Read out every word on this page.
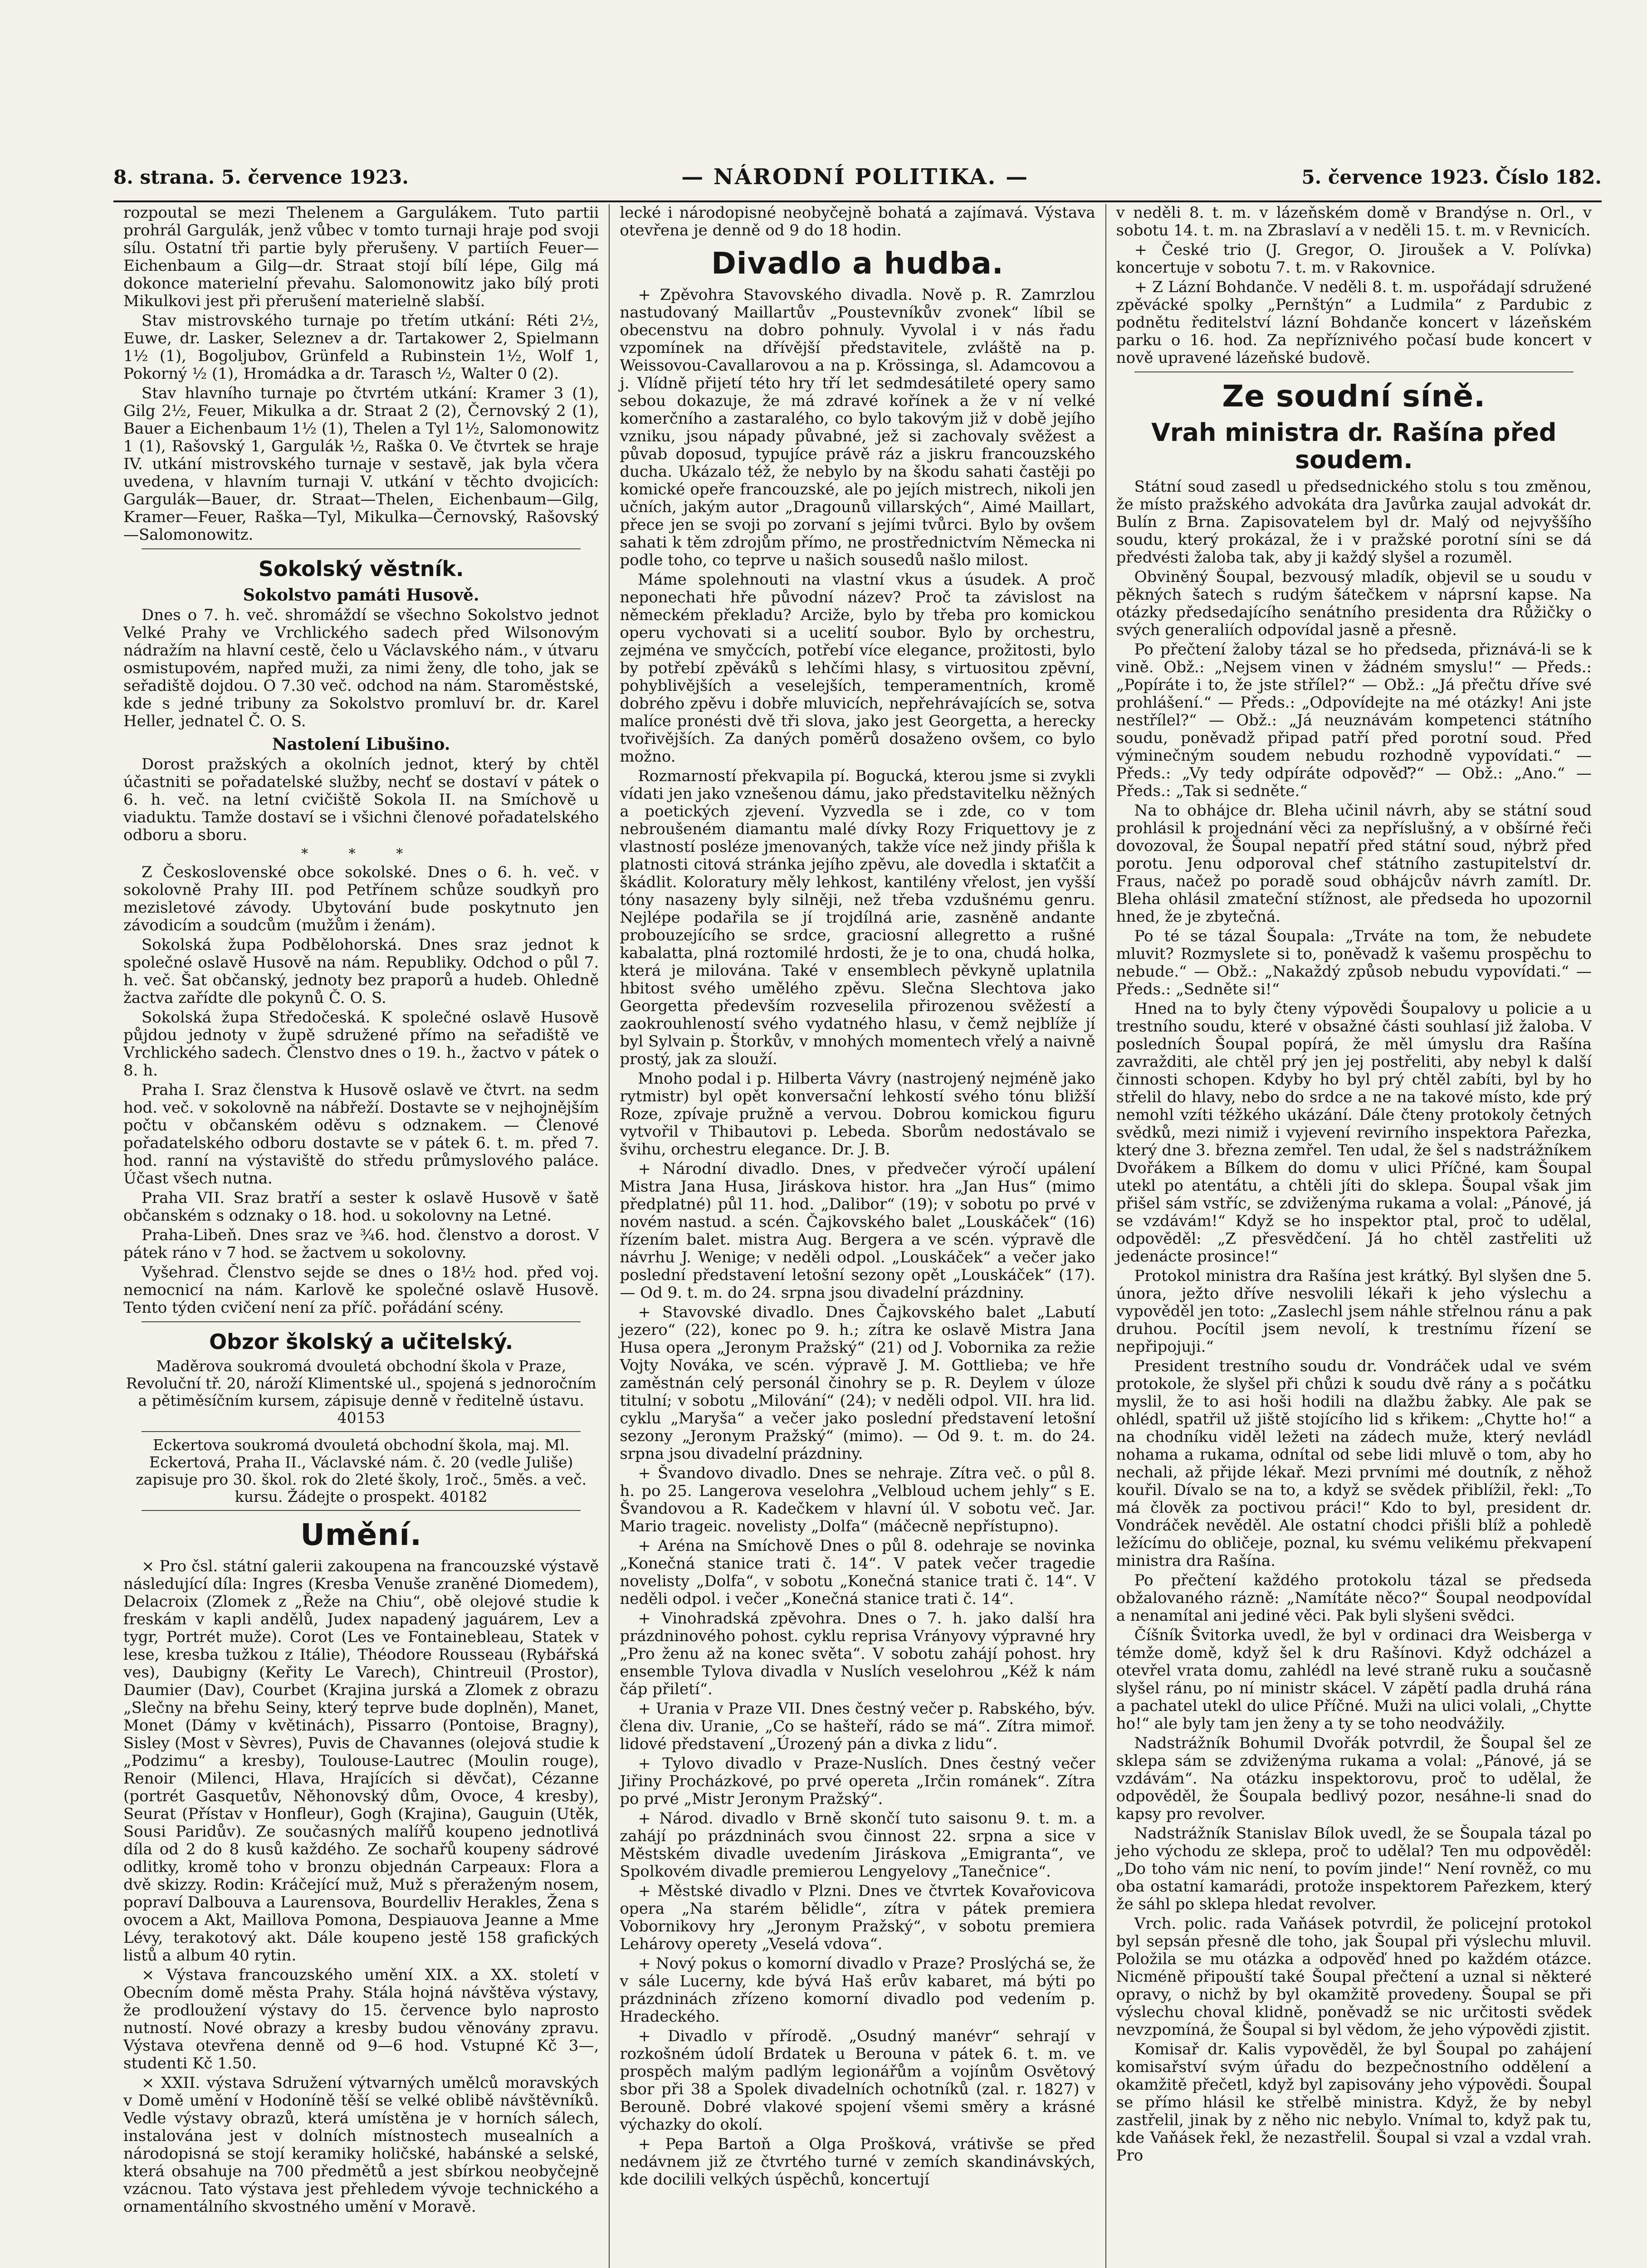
8. strana. 5. července 1923.	— NÁRODNÍ POLITIKA. —	5. července 1923. Číslo 182.

rozpoutal se mezi Thelenem a Gargulákem. Tuto partii prohrál Gargulák, jenž vůbec v tomto turnaji hraje pod svoji sílu. Ostatní tři partie byly přerušeny. V partiích Feuer—Eichenbaum a Gilg—dr. Straat stojí bílí lépe, Gilg má dokonce materielní převahu. Salomonowitz jako bílý proti Mikulkovi jest při přerušení materielně slabší.

Stav mistrovského turnaje po třetím utkání: Réti 2½, Euwe, dr. Lasker, Seleznev a dr. Tartakower 2, Spielmann 1½ (1), Bogoljubov, Grünfeld a Rubinstein 1½, Wolf 1, Pokorný ½ (1), Hromádka a dr. Tarasch ½, Walter 0 (2).

Stav hlavního turnaje po čtvrtém utkání: Kramer 3 (1), Gilg 2½, Feuer, Mikulka a dr. Straat 2 (2), Černovský 2 (1), Bauer a Eichenbaum 1½ (1), Thelen a Tyl 1½, Salomonowitz 1 (1), Rašovský 1, Gargulák ½, Raška 0. Ve čtvrtek se hraje IV. utkání mistrovského turnaje v sestavě, jak byla včera uvedena, v hlavním turnaji V. utkání v těchto dvojicích: Gargulák—Bauer, dr. Straat—Thelen, Eichenbaum—Gilg, Kramer—Feuer, Raška—Tyl, Mikulka—Černovský, Rašovský—Salomonowitz.

Sokolský věstník.
Sokolstvo památi Husově.

Dnes o 7. h. več. shromáždí se všechno Sokolstvo jednot Velké Prahy ve Vrchlického sadech před Wilsonovým nádražím na hlavní cestě, čelo u Václavského nám., v útvaru osmistupovém, napřed muži, za nimi ženy, dle toho, jak se seřadiště dojdou. O 7.30 več. odchod na nám. Staroměstské, kde s jedné tribuny za Sokolstvo promluví br. dr. Karel Heller, jednatel Č. O. S.

Nastolení Libušino.

Dorost pražských a okolních jednot, který by chtěl účastniti se pořadatelské služby, nechť se dostaví v pátek o 6. h. več. na letní cvičiště Sokola II. na Smíchově u viaduktu. Tamže dostaví se i všichni členové pořadatelského odboru a sboru.

* * *

Z Československé obce sokolské. Dnes o 6. h. več. v sokolovně Prahy III. pod Petřínem schůze soudkyň pro mezisletové závody. Ubytování bude poskytnuto jen závodicím a soudcům (mužům i ženám).

Sokolská župa Podbělohorská. Dnes sraz jednot k společné oslavě Husově na nám. Republiky. Odchod o půl 7. h. več. Šat občanský, jednoty bez praporů a hudeb. Ohledně žactva zařídte dle pokynů Č. O. S.

Sokolská župa Středočeská. K společné oslavě Husově půjdou jednoty v župě sdružené přímo na seřadiště ve Vrchlického sadech. Členstvo dnes o 19. h., žactvo v pátek o 8. h.

Praha I. Sraz členstva k Husově oslavě ve čtvrt. na sedm hod. več. v sokolovně na nábřeží. Dostavte se v nejhojnějším počtu v občanském oděvu s odznakem. — Členové pořadatelského odboru dostavte se v pátek 6. t. m. před 7. hod. ranní na výstaviště do středu průmyslového paláce. Účast všech nutna.

Praha VII. Sraz bratří a sester k oslavě Husově v šatě občanském s odznaky o 18. hod. u sokolovny na Letné.

Praha-Libeň. Dnes sraz ve ¾6. hod. členstvo a dorost. V pátek ráno v 7 hod. se žactvem u sokolovny.

Vyšehrad. Členstvo sejde se dnes o 18½ hod. před voj. nemocnicí na nám. Karlově ke společné oslavě Husově. Tento týden cvičení není za příč. pořádání scény.

Obzor školský a učitelský.
Maděrova soukromá dvouletá obchodní škola v Praze, Revoluční tř. 20, nároží Klimentské ul., spojená s jednoročním a pětiměsíčním kursem, zápisuje denně v ředitelně ústavu. 40153
Eckertova soukromá dvouletá obchodní škola, maj. Ml. Eckertová, Praha II., Václavské nám. č. 20 (vedle Juliše) zapisuje pro 30. škol. rok do 2leté školy, 1roč., 5měs. a več. kursu. Žádejte o prospekt. 40182
Umění.

× Pro čsl. státní galerii zakoupena na francouzské výstavě následující díla: Ingres (Kresba Venuše zraněné Diomedem), Delacroix (Zlomek z „Řeže na Chiu“, obě olejové studie k freskám v kapli andělů, Judex napadený jaguárem, Lev a tygr, Portrét muže). Corot (Les ve Fontainebleau, Statek v lese, kresba tužkou z Itálie), Théodore Rousseau (Rybářská ves), Daubigny (Keřity Le Varech), Chintreuil (Prostor), Daumier (Dav), Courbet (Krajina jurská a Zlomek z obrazu „Slečny na břehu Seiny, který teprve bude doplněn), Manet, Monet (Dámy v květinách), Pissarro (Pontoise, Bragny), Sisley (Most v Sèvres), Puvis de Chavannes (olejová studie k „Podzimu“ a kresby), Toulouse-Lautrec (Moulin rouge), Renoir (Milenci, Hlava, Hrajících si děvčat), Cézanne (portrét Gasquetův, Něhonovský dům, Ovoce, 4 kresby), Seurat (Přístav v Honfleur), Gogh (Krajina), Gauguin (Utěk, Sousi Paridův). Ze současných malířů koupeno jednotlivá díla od 2 do 8 kusů každého. Ze sochařů koupeny sádrové odlitky, kromě toho v bronzu objednán Carpeaux: Flora a dvě skizzy. Rodin: Kráčející muž, Muž s přeraženým nosem, popraví Dalbouva a Laurensova, Bourdelliv Herakles, Žena s ovocem a Akt, Maillova Pomona, Despiauova Jeanne a Mme Lévy, terakotový akt. Dále koupeno jestě 158 grafických listů a album 40 rytin.

× Výstava francouzského umění XIX. a XX. století v Obecním domě města Prahy. Stála hojná návštěva výstavy, že prodloužení výstavy do 15. července bylo naprosto nutností. Nové obrazy a kresby budou věnovány zpravu. Výstava otevřena denně od 9—6 hod. Vstupné Kč 3—, studenti Kč 1.50.

× XXII. výstava Sdružení výtvarných umělců moravských v Domě umění v Hodoníně těší se velké oblibě návštěvníků. Vedle výstavy obrazů, která umístěna je v horních sálech, instalována jest v dolních místnostech musealních a národopisná se stojí keramiky holičské, habánské a selské, která obsahuje na 700 předmětů a jest sbírkou neobyčejně vzácnou. Tato výstava jest přehledem vývoje technického a ornamentálního skvostného umění v Moravě.

lecké i národopisné neobyčejně bohatá a zajímavá. Výstava otevřena je denně od 9 do 18 hodin.

Divadlo a hudba.

+ Zpěvohra Stavovského divadla. Nově p. R. Zamrzlou nastudovaný Maillartův „Poustevníkův zvonek“ líbil se obecenstvu na dobro pohnuly. Vyvolal i v nás řadu vzpomínek na dřívější představitele, zvláště na p. Weissovou-Cavallarovou a na p. Krössinga, sl. Adamcovou a j. Vlídně přijetí této hry tří let sedmdesátileté opery samo sebou dokazuje, že má zdravé kořínek a že v ní velké komerčního a zastaralého, co bylo takovým již v době jejího vzniku, jsou nápady půvabné, jež si zachovaly svěžest a půvab doposud, typujíce právě ráz a jiskru francouzského ducha. Ukázalo též, že nebylo by na škodu sahati častěji po komické opeře francouzské, ale po jejích mistrech, nikoli jen učních, jakým autor „Dragounů villarských“, Aimé Maillart, přece jen se svoji po zorvaní s jejími tvůrci. Bylo by ovšem sahati k těm zdrojům přímo, ne prostřednictvím Německa ni podle toho, co teprve u našich sousedů našlo milost.

Máme spolehnouti na vlastní vkus a úsudek. A proč neponechati hře původní název? Proč ta závislost na německém překladu? Arciže, bylo by třeba pro komickou operu vychovati si a ucelití soubor. Bylo by orchestru, zejména ve smyčcích, potřebí více elegance, prožitosti, bylo by potřebí zpěváků s lehčími hlasy, s virtuositou zpěvní, pohyblivějších a veselejších, temperamentních, kromě dobrého zpěvu i dobře mluvicích, nepřehrávajících se, sotva malíce pronésti dvě tři slova, jako jest Georgetta, a herecky tvořivějších. Za daných poměrů dosaženo ovšem, co bylo možno.

Rozmarností překvapila pí. Bogucká, kterou jsme si zvykli vídati jen jako vznešenou dámu, jako představitelku něžných a poetických zjevení. Vyzvedla se i zde, co v tom nebroušeném diamantu malé dívky Rozy Friquettovy je z vlastností posléze jmenovaných, takže více než jindy přišla k platnosti citová stránka jejího zpěvu, ale dovedla i sktaťčit a škádlit. Koloratury měly lehkost, kantilény vřelost, jen vyšší tóny nasazeny byly silněji, než třeba vzdušnému genru. Nejlépe podařila se jí trojdílná arie, zasněně andante probouzejícího se srdce, graciosní allegretto a rušné kabalatta, plná roztomilé hrdosti, že je to ona, chudá holka, která je milována. Také v ensemblech pěvkyně uplatnila hbitost svého umělého zpěvu. Slečna Slechtova jako Georgetta především rozveselila přirozenou svěžestí a zaokrouhleností svého vydatného hlasu, v čemž nejblíže jí byl Sylvain p. Štorkův, v mnohých momentech vřelý a naivně prostý, jak za slouží.

Mnoho podal i p. Hilberta Vávry (nastrojený nejméně jako rytmistr) byl opět konversační lehkostí svého tónu bližší Roze, zpívaje pružně a vervou. Dobrou komickou figuru vytvořil v Thibautovi p. Lebeda. Sborům nedostávalo se švihu, orchestru elegance. Dr. J. B.

+ Národní divadlo. Dnes, v předvečer výročí upálení Mistra Jana Husa, Jiráskova histor. hra „Jan Hus“ (mimo předplatné) půl 11. hod. „Dalibor“ (19); v sobotu po prvé v novém nastud. a scén. Čajkovského balet „Louskáček“ (16) řízením balet. mistra Aug. Bergera a ve scén. výpravě dle návrhu J. Wenige; v neděli odpol. „Louskáček“ a večer jako poslední představení letošní sezony opět „Louskáček“ (17). — Od 9. t. m. do 24. srpna jsou divadelní prázdniny.

+ Stavovské divadlo. Dnes Čajkovského balet „Labutí jezero“ (22), konec po 9. h.; zítra ke oslavě Mistra Jana Husa opera „Jeronym Pražský“ (21) od J. Vobornika za režie Vojty Nováka, ve scén. výpravě J. M. Gottlieba; ve hře zaměstnán celý personál činohry se p. R. Deylem v úloze titulní; v sobotu „Milování“ (24); v neděli odpol. VII. hra lid. cyklu „Maryša“ a večer jako poslední představení letošní sezony „Jeronym Pražský“ (mimo). — Od 9. t. m. do 24. srpna jsou divadelní prázdniny.

+ Švandovo divadlo. Dnes se nehraje. Zítra več. o půl 8. h. po 25. Langerova veselohra „Velbloud uchem jehly“ s E. Švandovou a R. Kadečkem v hlavní úl. V sobotu več. Jar. Mario trageic. novelisty „Dolfa“ (máčecně nepřístupno).

+ Aréna na Smíchově Dnes o půl 8. odehraje se novinka „Konečná stanice trati č. 14“. V patek večer tragedie novelisty „Dolfa“, v sobotu „Konečná stanice trati č. 14“. V neděli odpol. i večer „Konečná stanice trati č. 14“.

+ Vinohradská zpěvohra. Dnes o 7. h. jako další hra prázdninového pohost. cyklu reprisa Vrányovy výpravné hry „Pro ženu až na konec světa“. V sobotu zahájí pohost. hry ensemble Tylova divadla v Nuslích veselohrou „Kéž k nám čáp přiletí“.

+ Urania v Praze VII. Dnes čestný večer p. Rabského, býv. člena div. Uranie, „Co se hašteří, rádo se má“. Zítra mimoř. lidové představení „Úrozený pán a divka z lidu“.

+ Tylovo divadlo v Praze-Nuslích. Dnes čestný večer Jiřiny Procházkové, po prvé opereta „Irčin románek“. Zítra po prvé „Mistr Jeronym Pražský“.

+ Národ. divadlo v Brně skončí tuto saisonu 9. t. m. a zahájí po prázdninách svou činnost 22. srpna a sice v Městském divadle uvedením Jiráskova „Emigranta“, ve Spolkovém divadle premierou Lengyelovy „Tanečnice“.

+ Městské divadlo v Plzni. Dnes ve čtvrtek Kovařovicova opera „Na starém bělidle“, zítra v pátek premiera Vobornikovy hry „Jeronym Pražský“, v sobotu premiera Lehárovy operety „Veselá vdova“.

+ Nový pokus o komorní divadlo v Praze? Proslýchá se, že v sále Lucerny, kde bývá Haš erův kabaret, má býti po prázdninách zřízeno komorní divadlo pod vedením p. Hradeckého.

+ Divadlo v přírodě. „Osudný manévr“ sehrají v rozkošném údolí Brdatek u Berouna v pátek 6. t. m. ve prospěch malým padlým legionářům a vojínům Osvětový sbor při 38 a Spolek divadelních ochotníků (zal. r. 1827) v Berouně. Dobré vlakové spojení všemi směry a krásné výchazky do okolí.

+ Pepa Bartoň a Olga Prošková, vrátivše se před nedávnem již ze čtvrtého turné v zemích skandinávských, kde docilili velkých úspěchů, koncertují

v neděli 8. t. m. v lázeňském domě v Brandýse n. Orl., v sobotu 14. t. m. na Zbraslaví a v neděli 15. t. m. v Revnicích.

+ České trio (J. Gregor, O. Jiroušek a V. Polívka) koncertuje v sobotu 7. t. m. v Rakovnice.

+ Z Lázní Bohdanče. V neděli 8. t. m. uspořádají sdružené zpěvácké spolky „Pernštýn“ a Ludmila“ z Pardubic z podnětu ředitelství lázní Bohdanče koncert v lázeňském parku o 16. hod. Za nepříznivého počasí bude koncert v nově upravené lázeňské budově.

Ze soudní síně.
Vrah ministra dr. Rašína před soudem.

Státní soud zasedl u předsednického stolu s tou změnou, že místo pražského advokáta dra Javůrka zaujal advokát dr. Bulín z Brna. Zapisovatelem byl dr. Malý od nejvyššího soudu, který prokázal, že i v pražské porotní síni se dá předvésti žaloba tak, aby ji každý slyšel a rozuměl.

Obviněný Šoupal, bezvousý mladík, objevil se u soudu v pěkných šatech s rudým šátečkem v náprsní kapse. Na otázky předsedajícího senátního presidenta dra Růžičky o svých generaliích odpovídal jasně a přesně.

Po přečtení žaloby tázal se ho předseda, přiznává-li se k vině. Obž.: „Nejsem vinen v žádném smyslu!“ — Předs.: „Popíráte i to, že jste střílel?“ — Obž.: „Já přečtu dříve své prohlášení.“ — Předs.: „Odpovídejte na mé otázky! Ani jste nestřílel?“ — Obž.: „Já neuznávám kompetenci státního soudu, poněvadž připad patří před porotní soud. Před výminečným soudem nebudu rozhodně vypovídati.“ — Předs.: „Vy tedy odpíráte odpověď?“ — Obž.: „Ano.“ — Předs.: „Tak si sedněte.“

Na to obhájce dr. Bleha učinil návrh, aby se státní soud prohlásil k projednání věci za nepříslušný, a v obšírné řeči dovozoval, že Šoupal nepatří před státní soud, nýbrž před porotu. Jenu odporoval chef státního zastupitelství dr. Fraus, načež po poradě soud obhájcův návrh zamítl. Dr. Bleha ohlásil zmateční stížnost, ale předseda ho upozornil hned, že je zbytečná.

Po té se tázal Šoupala: „Trváte na tom, že nebudete mluvit? Rozmyslete si to, poněvadž k vašemu prospěchu to nebude.“ — Obž.: „Nakaždý způsob nebudu vypovídati.“ — Předs.: „Sedněte si!“

Hned na to byly čteny výpovědi Šoupalovy u policie a u trestního soudu, které v obsažné části souhlasí již žaloba. V posledních Šoupal popírá, že měl úmyslu dra Rašína zavražditi, ale chtěl prý jen jej postřeliti, aby nebyl k další činnosti schopen. Kdyby ho byl prý chtěl zabíti, byl by ho střelil do hlavy, nebo do srdce a ne na takové místo, kde prý nemohl vzíti téžkého ukázání. Dále čteny protokoly četných svědků, mezi nimiž i vyjevení revirního inspektora Pařezka, který dne 3. března zemřel. Ten udal, že šel s nadstrážníkem Dvořákem a Bílkem do domu v ulici Příčné, kam Šoupal utekl po atentátu, a chtěli jíti do sklepa. Šoupal však jim přišel sám vstříc, se zdviženýma rukama a volal: „Pánové, já se vzdávám!“ Když se ho inspektor ptal, proč to udělal, odpověděl: „Z přesvědčení. Já ho chtěl zastřeliti už jedenácte prosince!“

Protokol ministra dra Rašína jest krátký. Byl slyšen dne 5. února, ježto dříve nesvolili lékaři k jeho výslechu a vypověděl jen toto: „Zaslechl jsem náhle střelnou ránu a pak druhou. Pocítil jsem nevolí, k trestnímu řízení se nepřipojuji.“

President trestního soudu dr. Vondráček udal ve svém protokole, že slyšel při chůzi k soudu dvě rány a s počátku myslil, že to asi hoši hodili na dlažbu žabky. Ale pak se ohlédl, spatřil už jiště stojícího lid s křikem: „Chytte ho!“ a na chodníku viděl ležeti na zádech muže, který nevládl nohama a rukama, odnítal od sebe lidi mluvě o tom, aby ho nechali, až přijde lékař. Mezi prvními mé doutník, z něhož kouřil. Dívalo se na to, a když se svědek přiblížil, řekl: „To má člověk za poctivou práci!“ Kdo to byl, president dr. Vondráček nevěděl. Ale ostatní chodci přišli blíž a pohledě ležícímu do obličeje, poznal, ku svému velikému překvapení ministra dra Rašína.

Po přečtení každého protokolu tázal se předseda obžalovaného rázně: „Namítáte něco?“ Šoupal neodpovídal a nenamítal ani jediné věci. Pak byli slyšeni svědci.

Číšník Švitorka uvedl, že byl v ordinaci dra Weisberga v témže domě, když šel k dru Rašínovi. Když odcházel a otevřel vrata domu, zahlédl na levé straně ruku a současně slyšel ránu, po ní ministr skácel. V zápětí padla druhá rána a pachatel utekl do ulice Příčné. Muži na ulici volali, „Chytte ho!“ ale byly tam jen ženy a ty se toho neodvážily.

Nadstrážník Bohumil Dvořák potvrdil, že Šoupal šel ze sklepa sám se zdviženýma rukama a volal: „Pánové, já se vzdávám“. Na otázku inspektorovu, proč to udělal, že odpověděl, že Šoupala bedlivý pozor, nesáhne-li snad do kapsy pro revolver.

Nadstrážník Stanislav Bílok uvedl, že se Šoupala tázal po jeho východu ze sklepa, proč to udělal? Ten mu odpověděl: „Do toho vám nic není, to povím jinde!“ Není rovněž, co mu oba ostatní kamarádi, protože inspektorem Pařezkem, který že sáhl po sklepa hledat revolver.

Vrch. polic. rada Vaňásek potvrdil, že policejní protokol byl sepsán přesně dle toho, jak Šoupal při výslechu mluvil. Položila se mu otázka a odpověď hned po každém otázce. Nicméně připouští také Šoupal přečtení a uznal si některé opravy, o nichž by byl okamžitě provedeny. Šoupal se při výslechu choval klidně, poněvadž se nic určitosti svědek nevzpomíná, že Šoupal si byl vědom, že jeho výpovědi zjistit.

Komisař dr. Kalis vypověděl, že byl Šoupal po zahájení komisařství svým úřadu do bezpečnostního oddělení a okamžitě přečetl, když byl zapisovány jeho výpovědi. Šoupal se přímo hlásil ke střelbě ministra. Když, že by nebyl zastřelil, jinak by z něho nic nebylo. Vnímal to, když pak tu, kde Vaňásek řekl, že nezastřelil. Šoupal si vzal a vzdal vrah. Pro
